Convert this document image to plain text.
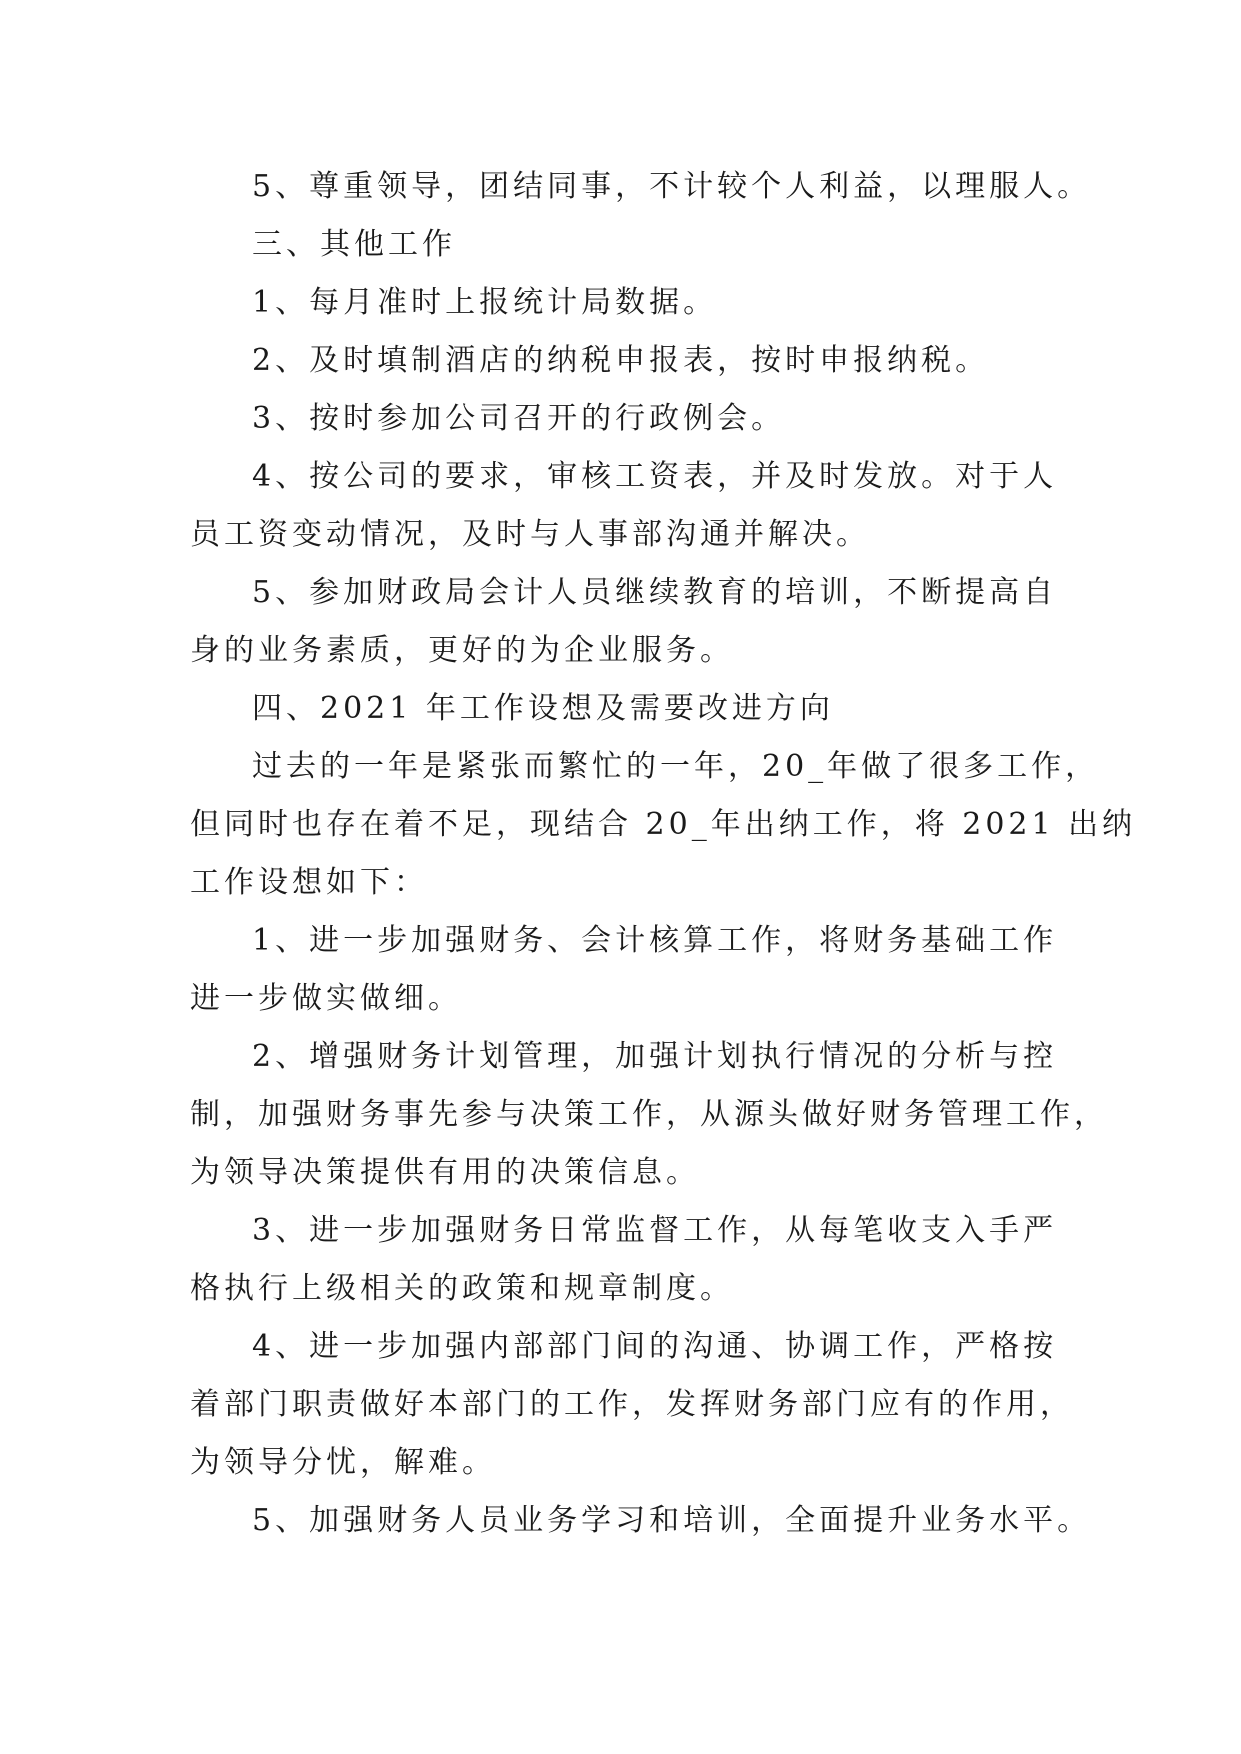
5、尊重领导，团结同事，不计较个人利益，以理服人。
三、其他工作
1、每月准时上报统计局数据。
2、及时填制酒店的纳税申报表，按时申报纳税。
3、按时参加公司召开的行政例会。
4、按公司的要求，审核工资表，并及时发放。对于人
员工资变动情况，及时与人事部沟通并解决。
5、参加财政局会计人员继续教育的培训，不断提高自
身的业务素质，更好的为企业服务。
四、2021 年工作设想及需要改进方向
过去的一年是紧张而繁忙的一年，20_年做了很多工作，
但同时也存在着不足，现结合 20_年出纳工作，将 2021 出纳
工作设想如下：
1、进一步加强财务、会计核算工作，将财务基础工作
进一步做实做细。
2、增强财务计划管理，加强计划执行情况的分析与控
制，加强财务事先参与决策工作，从源头做好财务管理工作，
为领导决策提供有用的决策信息。
3、进一步加强财务日常监督工作，从每笔收支入手严
格执行上级相关的政策和规章制度。
4、进一步加强内部部门间的沟通、协调工作，严格按
着部门职责做好本部门的工作，发挥财务部门应有的作用，
为领导分忧，解难。
5、加强财务人员业务学习和培训，全面提升业务水平。
